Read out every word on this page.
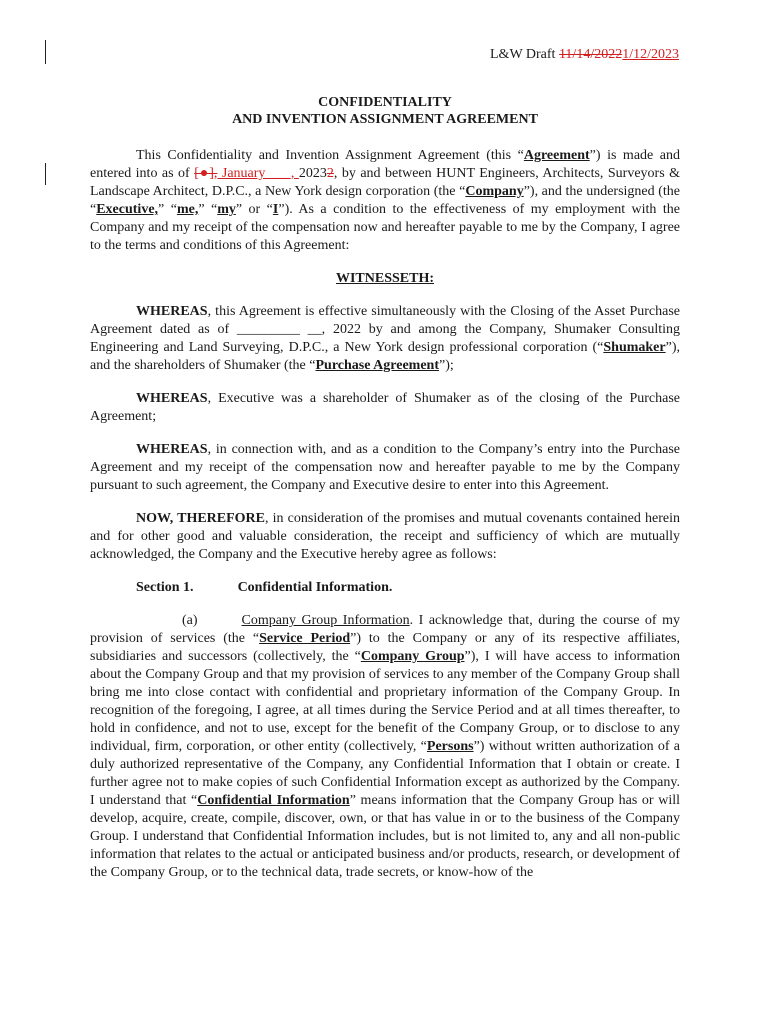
L&W Draft 11/14/20221/12/2023
CONFIDENTIALITY
AND INVENTION ASSIGNMENT AGREEMENT

This Confidentiality and Invention Assignment Agreement (this “Agreement”) is made and entered into as of [●], January ___, 20232, by and between HUNT Engineers, Architects, Surveyors & Landscape Architect, D.P.C., a New York design corporation (the “Company”), and the undersigned (the “Executive,” “me,” “my” or “I”). As a condition to the effectiveness of my employment with the Company and my receipt of the compensation now and hereafter payable to me by the Company, I agree to the terms and conditions of this Agreement:

WITNESSETH:

WHEREAS, this Agreement is effective simultaneously with the Closing of the Asset Purchase Agreement dated as of _________ __, 2022 by and among the Company, Shumaker Consulting Engineering and Land Surveying, D.P.C., a New York design professional corporation (“Shumaker”), and the shareholders of Shumaker (the “Purchase Agreement”);

WHEREAS, Executive was a shareholder of Shumaker as of the closing of the Purchase Agreement;

WHEREAS, in connection with, and as a condition to the Company’s entry into the Purchase Agreement and my receipt of the compensation now and hereafter payable to me by the Company pursuant to such agreement, the Company and Executive desire to enter into this Agreement.

NOW, THEREFORE, in consideration of the promises and mutual covenants contained herein and for other good and valuable consideration, the receipt and sufficiency of which are mutually acknowledged, the Company and the Executive hereby agree as follows:

Section 1.	Confidential Information.

(a)	Company Group Information. I acknowledge that, during the course of my provision of services (the “Service Period”) to the Company or any of its respective affiliates, subsidiaries and successors (collectively, the “Company Group”), I will have access to information about the Company Group and that my provision of services to any member of the Company Group shall bring me into close contact with confidential and proprietary information of the Company Group. In recognition of the foregoing, I agree, at all times during the Service Period and at all times thereafter, to hold in confidence, and not to use, except for the benefit of the Company Group, or to disclose to any individual, firm, corporation, or other entity (collectively, “Persons”) without written authorization of a duly authorized representative of the Company, any Confidential Information that I obtain or create. I further agree not to make copies of such Confidential Information except as authorized by the Company. I understand that “Confidential Information” means information that the Company Group has or will develop, acquire, create, compile, discover, own, or that has value in or to the business of the Company Group. I understand that Confidential Information includes, but is not limited to, any and all non-public information that relates to the actual or anticipated business and/or products, research, or development of the Company Group, or to the technical data, trade secrets, or know-how of the
